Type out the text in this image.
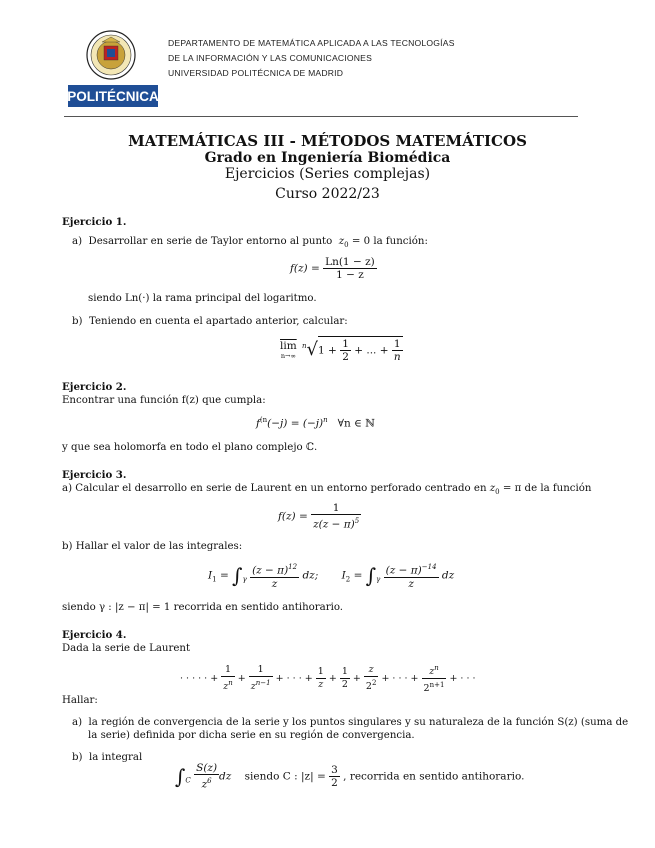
POLITÉCNICA
DEPARTAMENTO DE MATEMÁTICA APLICADA A LAS TECNOLOGÍAS
DE LA INFORMACIÓN Y LAS COMUNICACIONES
UNIVERSIDAD POLITÉCNICA DE MADRID
MATEMÁTICAS III - MÉTODOS MATEMÁTICOS
Grado en Ingeniería Biomédica
Ejercicios (Series complejas)
Curso 2022/23
Ejercicio 1.
a) Desarrollar en serie de Taylor entorno al punto $z_0 = 0$ la función:
$f(z) = \frac{Ln(1 - z)}{1 - z}$
siendo Ln(·) la rama principal del logaritmo.
b) Teniendo en cuenta el apartado anterior, calcular:
$\overline{lim}$
n→∞
$^n√1 + \frac{1}{2}$ + ... + $\frac{1}{n}$
Ejercicio 2.
Encontrar una función f(z) que cumpla:
$f^{(n}(-j) = (-j)^n$ ∀n ∈ ℕ
y que sea holomorfa en todo el plano complejo ℂ.
Ejercicio 3.
a) Calcular el desarrollo en serie de Laurent en un entorno perforado centrado en $z_0 = \pi$ de la función
$f(z) = \frac{1}{z(z - \pi)^5}$
b) Hallar el valor de las integrales:
$I_1 = \int_\gamma \frac{(z - \pi)^{12}}{z}$ dz; $I_2 = \int_\gamma \frac{(z - \pi)^{-14}}{z}$ dz
siendo γ : |z − π| = 1 recorrida en sentido antihorario.
Ejercicio 4.
Dada la serie de Laurent
· · · · · + $\frac{1}{z^n} + \frac{1}{z^{n-1}}$ + · · · + $\frac{1}{z} + \frac{1}{2} + \frac{z}{2^2}$ + · · · + $\frac{z^n}{2^{n+1}}$ + · · ·
Hallar:
a) la región de convergencia de la serie y los puntos singulares y su naturaleza de la función S(z) (suma de
la serie) definida por dicha serie en su región de convergencia.
b) la integral
$\int_C \frac{S(z)}{z^6}$ dz siendo C : $|z| = \frac{3}{2}$ , recorrida en sentido antihorario.
